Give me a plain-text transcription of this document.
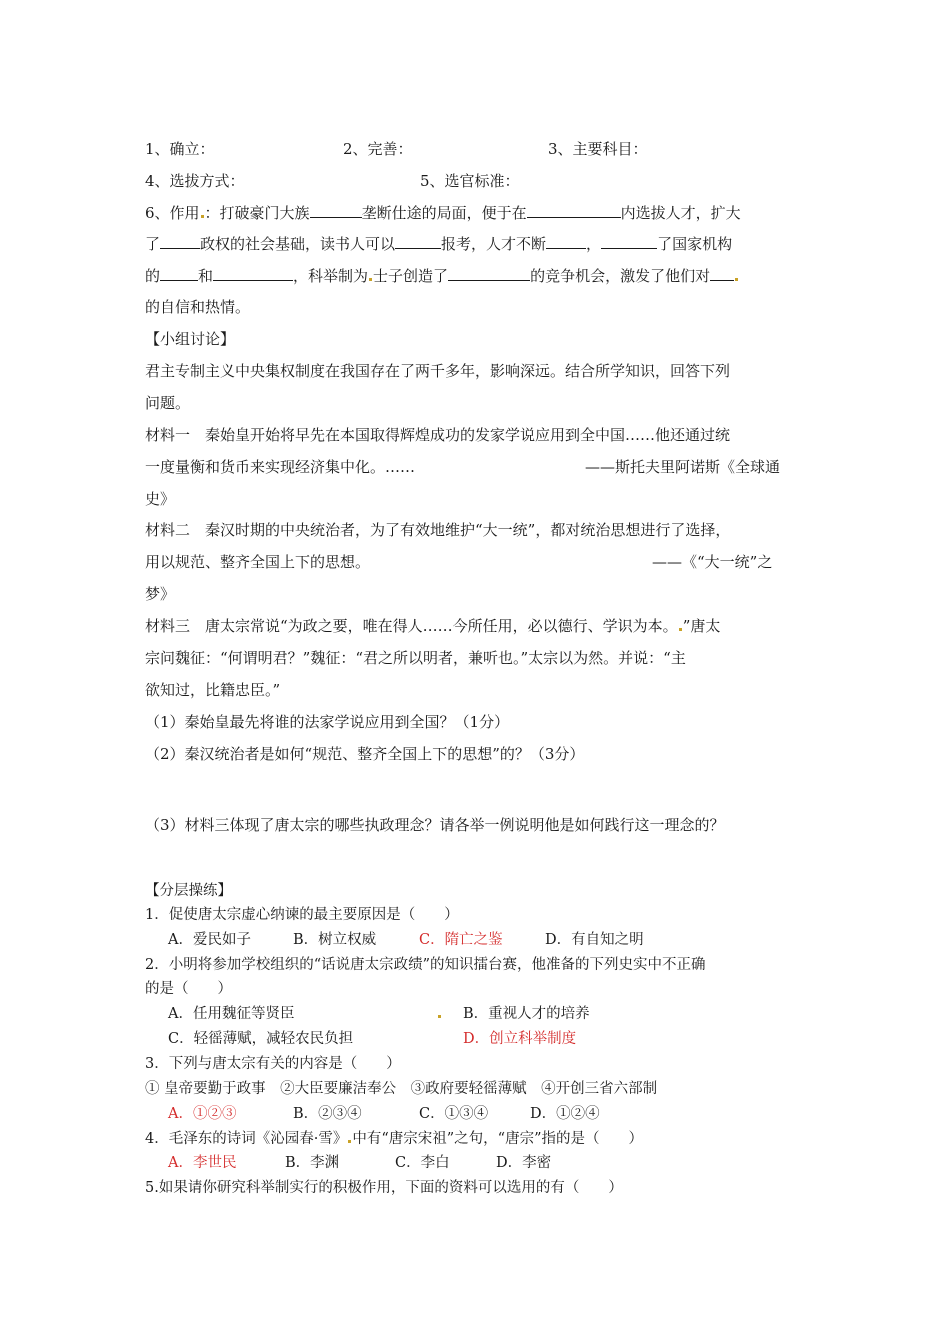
1、确立：	2、完善：	3、主要科目：
4、选拔方式：	5、选官标准：
6、作用 ：打破豪门大族	垄断仕途的局面，便于在	内选拔人才，扩大
了	政权的社会基础，读书人可以	报考，人才不断	，	了国家机构
的	和	，科举制为 士子创造了	的竞争机会，激发了他们对
的自信和热情。
【小组讨论】
君主专制主义中央集权制度在我国存在了两千多年，影响深远。结合所学知识，回答下列
问题。
材料一　秦始皇开始将早先在本国取得辉煌成功的发家学说应用到全中国……他还通过统
一度量衡和货币来实现经济集中化。……	——斯托夫里阿诺斯《全球通
史》
材料二　秦汉时期的中央统治者，为了有效地维护“大一统”，都对统治思想进行了选择，
用以规范、整齐全国上下的思想。	——《“大一统”之
梦》
材料三　唐太宗常说“为政之要，唯在得人……今所任用，必以德行、学识为本。 ”唐太
宗问魏征：“何谓明君？”魏征：“君之所以明者，兼听也。”太宗以为然。并说：“主
欲知过，比籍忠臣。”
（1）秦始皇最先将谁的法家学说应用到全国？（1分）
（2）秦汉统治者是如何“规范、整齐全国上下的思想”的？（3分）
（3）材料三体现了唐太宗的哪些执政理念？请各举一例说明他是如何践行这一理念的？
【分层操练】
1．促使唐太宗虚心纳谏的最主要原因是（　　）
A．爱民如子	B．树立权威	C．隋亡之鉴	D．有自知之明
2．小明将参加学校组织的“话说唐太宗政绩”的知识擂台赛，他准备的下列史实中不正确
的是（　　）
A．任用魏征等贤臣	B．重视人才的培养
C．轻徭薄赋，减轻农民负担	D．创立科举制度
3．下列与唐太宗有关的内容是（　　）
① 皇帝要勤于政事　②大臣要廉洁奉公　③政府要轻徭薄赋　④开创三省六部制
A．①②③	B．②③④	C．①③④	D．①②④
4．毛泽东的诗词《沁园春·雪》 中有“唐宗宋祖”之句，“唐宗”指的是（　　）
A．李世民	B．李渊	C．李白	D．李密
5.如果请你研究科举制实行的积极作用，下面的资料可以选用的有（　　）
